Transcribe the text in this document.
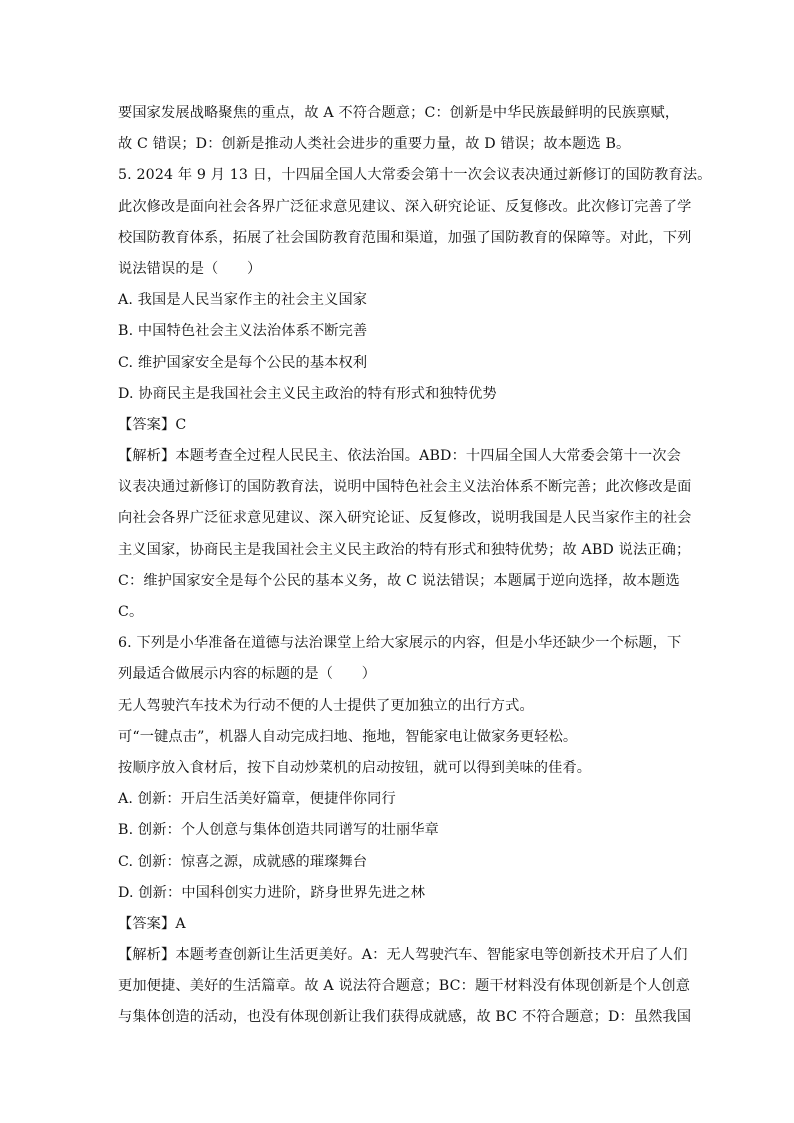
要国家发展战略聚焦的重点，故 A 不符合题意；C：创新是中华民族最鲜明的民族禀赋，
故 C 错误；D：创新是推动人类社会进步的重要力量，故 D 错误；故本题选 B。
5. 2024 年 9 月 13 日，十四届全国人大常委会第十一次会议表决通过新修订的国防教育法。
此次修改是面向社会各界广泛征求意见建议、深入研究论证、反复修改。此次修订完善了学
校国防教育体系，拓展了社会国防教育范围和渠道，加强了国防教育的保障等。对此，下列
说法错误的是（　　）
A. 我国是人民当家作主的社会主义国家
B. 中国特色社会主义法治体系不断完善
C. 维护国家安全是每个公民的基本权利
D. 协商民主是我国社会主义民主政治的特有形式和独特优势
【答案】C
【解析】本题考查全过程人民民主、依法治国。ABD：十四届全国人大常委会第十一次会
议表决通过新修订的国防教育法，说明中国特色社会主义法治体系不断完善；此次修改是面
向社会各界广泛征求意见建议、深入研究论证、反复修改，说明我国是人民当家作主的社会
主义国家，协商民主是我国社会主义民主政治的特有形式和独特优势；故 ABD 说法正确；
C：维护国家安全是每个公民的基本义务，故 C 说法错误；本题属于逆向选择，故本题选
C。
6. 下列是小华准备在道德与法治课堂上给大家展示的内容，但是小华还缺少一个标题，下
列最适合做展示内容的标题的是（　　）
无人驾驶汽车技术为行动不便的人士提供了更加独立的出行方式。
可“一键点击”，机器人自动完成扫地、拖地，智能家电让做家务更轻松。
按顺序放入食材后，按下自动炒菜机的启动按钮，就可以得到美味的佳肴。
A. 创新：开启生活美好篇章，便捷伴你同行
B. 创新：个人创意与集体创造共同谱写的壮丽华章
C. 创新：惊喜之源，成就感的璀璨舞台
D. 创新：中国科创实力进阶，跻身世界先进之林
【答案】A
【解析】本题考查创新让生活更美好。A：无人驾驶汽车、智能家电等创新技术开启了人们
更加便捷、美好的生活篇章。故 A 说法符合题意；BC：题干材料没有体现创新是个人创意
与集体创造的活动，也没有体现创新让我们获得成就感，故 BC 不符合题意；D：虽然我国
